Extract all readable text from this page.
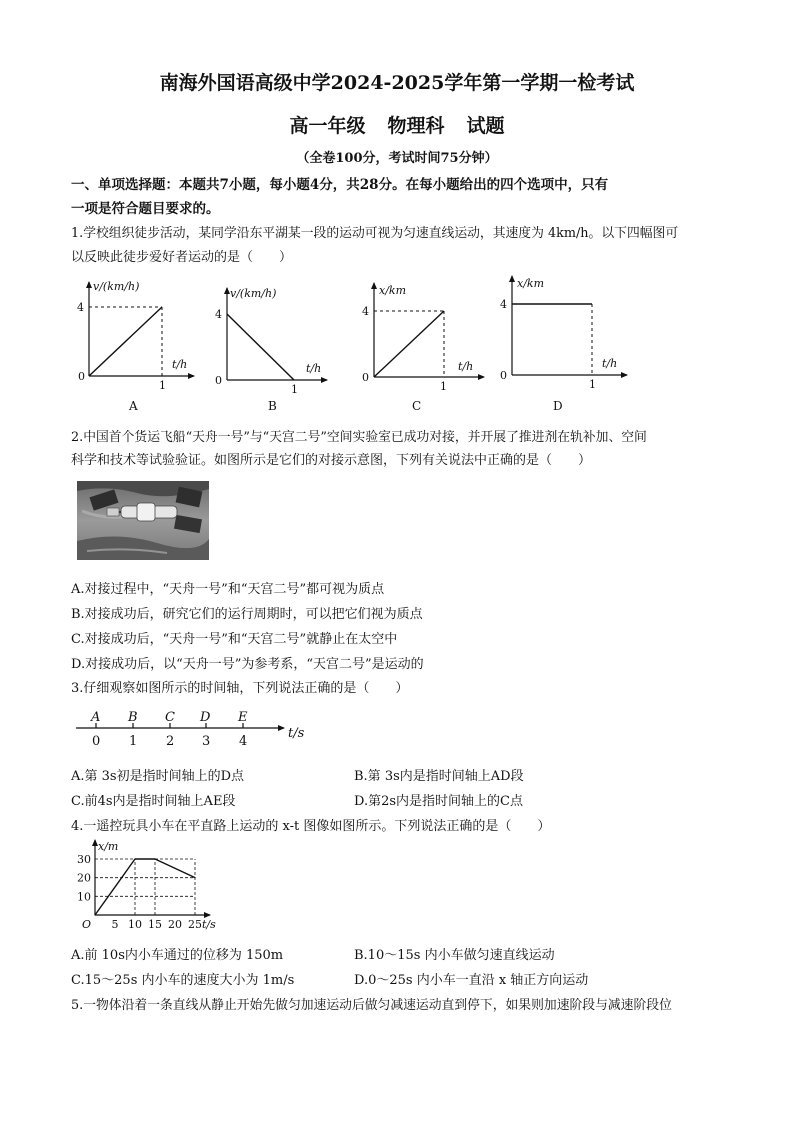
南海外国语高级中学2024-2025学年第一学期一检考试
高一年级 物理科 试题
（全卷100分，考试时间75分钟）
一、单项选择题：本题共7小题，每小题4分，共28分。在每小题给出的四个选项中，只有
一项是符合题目要求的。
1.学校组织徒步活动，某同学沿东平湖某一段的运动可视为匀速直线运动，其速度为 4km/h。以下四幅图可
以反映此徒步爱好者运动的是（　　）
v/(km/h)
t/h
4
0
1
A
v/(km/h)
t/h
4
0
1
B
x/km
t/h
4
0
1
C
x/km
t/h
4
0
1
D
2.中国首个货运飞船“天舟一号”与“天宫二号”空间实验室已成功对接，并开展了推进剂在轨补加、空间
科学和技术等试验验证。如图所示是它们的对接示意图，下列有关说法中正确的是（　　）
A.对接过程中，“天舟一号”和“天宫二号”都可视为质点
B.对接成功后，研究它们的运行周期时，可以把它们视为质点
C.对接成功后，“天舟一号”和“天宫二号”就静止在太空中
D.对接成功后，以“天舟一号”为参考系，“天宫二号”是运动的
3.仔细观察如图所示的时间轴，下列说法正确的是（　　）
A B C D E
0 1 2 3 4
t/s
A.第 3s初是指时间轴上的D点	B.第 3s内是指时间轴上AD段
C.前4s内是指时间轴上AE段	D.第2s内是指时间轴上的C点
4.一遥控玩具小车在平直路上运动的 x-t 图像如图所示。下列说法正确的是（　　）
x/m
t/s
O
10
20
30
5 10 15 20 25
A.前 10s内小车通过的位移为 150m	B.10～15s 内小车做匀速直线运动
C.15～25s 内小车的速度大小为 1m/s	D.0～25s 内小车一直沿 x 轴正方向运动
5.一物体沿着一条直线从静止开始先做匀加速运动后做匀减速运动直到停下，如果则加速阶段与减速阶段位
